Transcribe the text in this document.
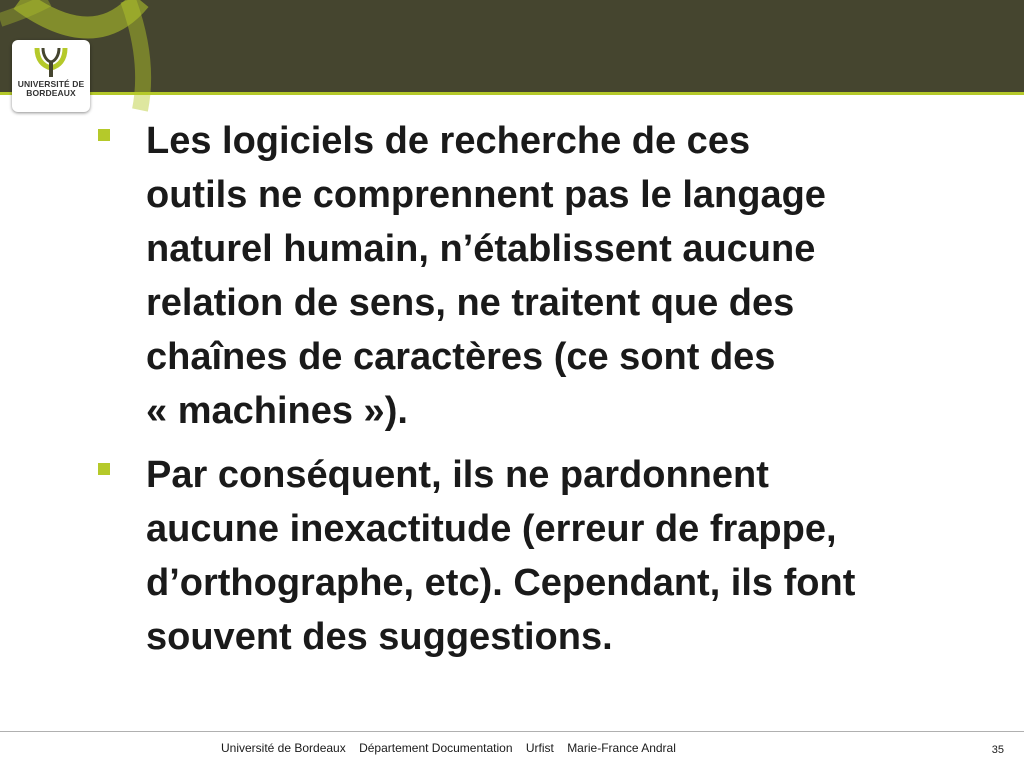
UNIVERSITÉ DE
BORDEAUX

Les logiciels de recherche de ces
outils ne comprennent pas le langage
naturel humain, n’établissent aucune
relation de sens, ne traitent que des
chaînes de caractères (ce sont des
« machines »).

Par conséquent, ils ne pardonnent
aucune inexactitude (erreur de frappe,
d’orthographe, etc). Cependant, ils font
souvent des suggestions.

Université de Bordeaux Département Documentation Urfist Marie-France Andral	35
